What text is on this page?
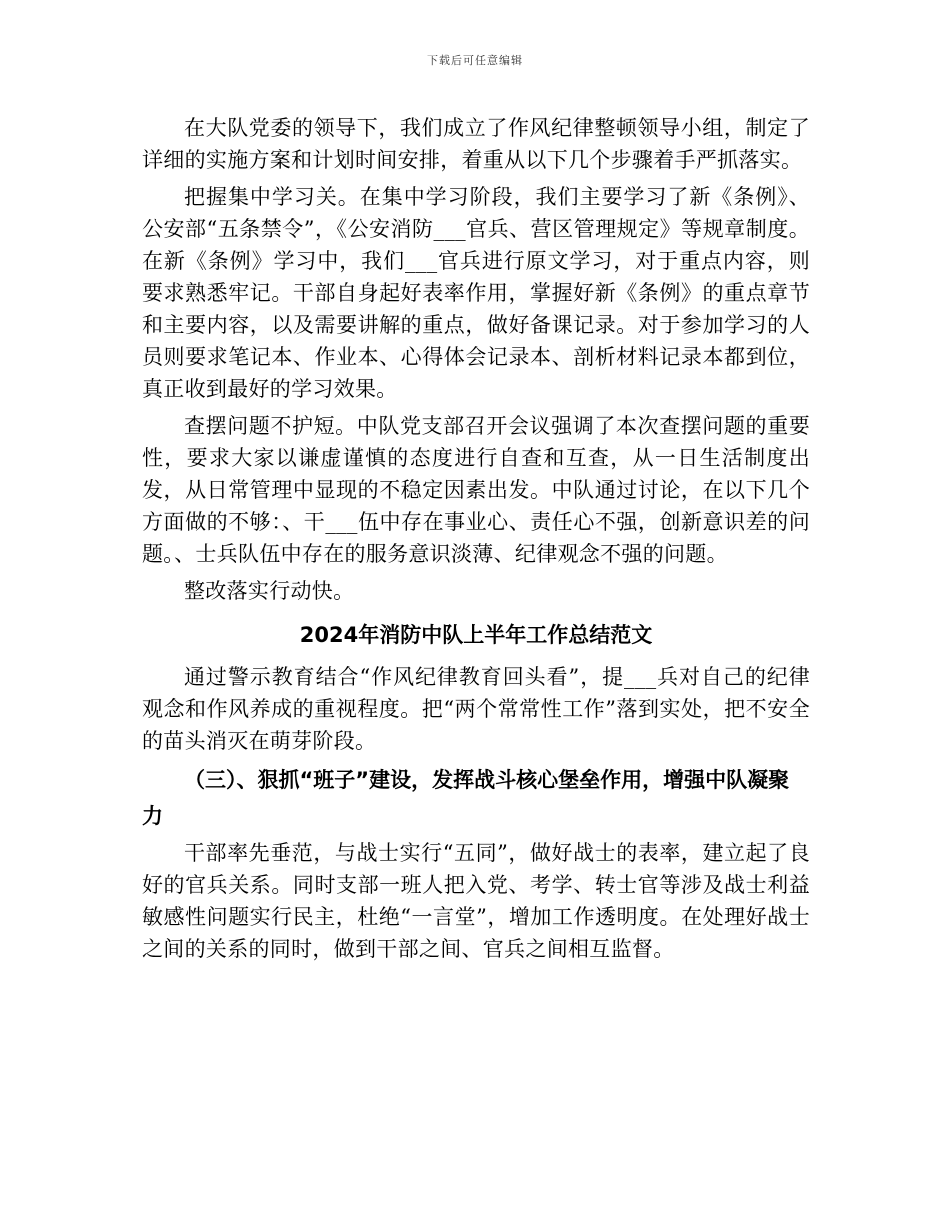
下载后可任意编辑

在大队党委的领导下，我们成立了作风纪律整顿领导小组，制定了详细的实施方案和计划时间安排，着重从以下几个步骤着手严抓落实。

把握集中学习关。在集中学习阶段，我们主要学习了新《条例》、公安部“五条禁令”，《公安消防___官兵、营区管理规定》等规章制度。在新《条例》学习中，我们___官兵进行原文学习，对于重点内容，则要求熟悉牢记。干部自身起好表率作用，掌握好新《条例》的重点章节和主要内容，以及需要讲解的重点，做好备课记录。对于参加学习的人员则要求笔记本、作业本、心得体会记录本、剖析材料记录本都到位，真正收到最好的学习效果。

查摆问题不护短。中队党支部召开会议强调了本次查摆问题的重要性，要求大家以谦虚谨慎的态度进行自查和互查，从一日生活制度出发，从日常管理中显现的不稳定因素出发。中队通过讨论，在以下几个方面做的不够：、干___伍中存在事业心、责任心不强，创新意识差的问题。、士兵队伍中存在的服务意识淡薄、纪律观念不强的问题。

整改落实行动快。

2024年消防中队上半年工作总结范文

通过警示教育结合“作风纪律教育回头看”，提___兵对自己的纪律观念和作风养成的重视程度。把“两个常常性工作”落到实处，把不安全的苗头消灭在萌芽阶段。

（三）、狠抓“班子”建设，发挥战斗核心堡垒作用，增强中队凝聚力

干部率先垂范，与战士实行“五同”，做好战士的表率，建立起了良好的官兵关系。同时支部一班人把入党、考学、转士官等涉及战士利益敏感性问题实行民主，杜绝“一言堂”，增加工作透明度。在处理好战士之间的关系的同时，做到干部之间、官兵之间相互监督。
